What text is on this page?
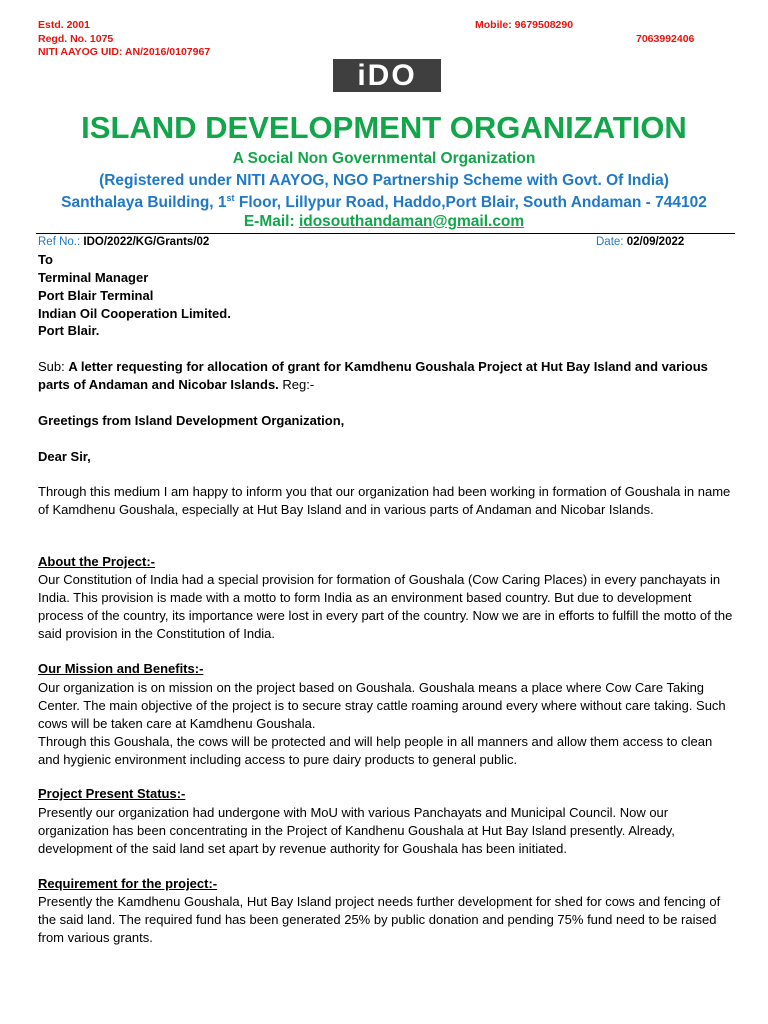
Estd. 2001
Regd. No. 1075
NITI AAYOG UID: AN/2016/0107967
Mobile: 9679508290
7063992406
iDO
ISLAND DEVELOPMENT ORGANIZATION
A Social Non Governmental Organization
(Registered under NITI AAYOG, NGO Partnership Scheme with Govt. Of India)
Santhalaya Building, 1st Floor, Lillypur Road, Haddo,Port Blair, South Andaman - 744102
E-Mail: idosouthandaman@gmail.com
Ref No.: IDO/2022/KG/Grants/02	Date: 02/09/2022
To
Terminal Manager
Port Blair Terminal
Indian Oil Cooperation Limited.
Port Blair.
Sub: A letter requesting for allocation of grant for Kamdhenu Goushala Project at Hut Bay Island and various parts of Andaman and Nicobar Islands. Reg:-
Greetings from Island Development Organization,
Dear Sir,
Through this medium I am happy to inform you that our organization had been working in formation of Goushala in name of Kamdhenu Goushala, especially at Hut Bay Island and in various parts of Andaman and Nicobar Islands.
About the Project:-
Our Constitution of India had a special provision for formation of Goushala (Cow Caring Places) in every panchayats in India. This provision is made with a motto to form India as an environment based country. But due to development process of the country, its importance were lost in every part of the country. Now we are in efforts to fulfill the motto of the said provision in the Constitution of India.
Our Mission and Benefits:-
Our organization is on mission on the project based on Goushala. Goushala means a place where Cow Care Taking Center. The main objective of the project is to secure stray cattle roaming around every where without care taking. Such cows will be taken care at Kamdhenu Goushala.
Through this Goushala, the cows will be protected and will help people in all manners and allow them access to clean and hygienic environment including access to pure dairy products to general public.
Project Present Status:-
Presently our organization had undergone with MoU with various Panchayats and Municipal Council. Now our organization has been concentrating in the Project of Kandhenu Goushala at Hut Bay Island presently. Already, development of the said land set apart by revenue authority for Goushala has been initiated.
Requirement for the project:-
Presently the Kamdhenu Goushala, Hut Bay Island project needs further development for shed for cows and fencing of the said land. The required fund has been generated 25% by public donation and pending 75% fund need to be raised from various grants.
